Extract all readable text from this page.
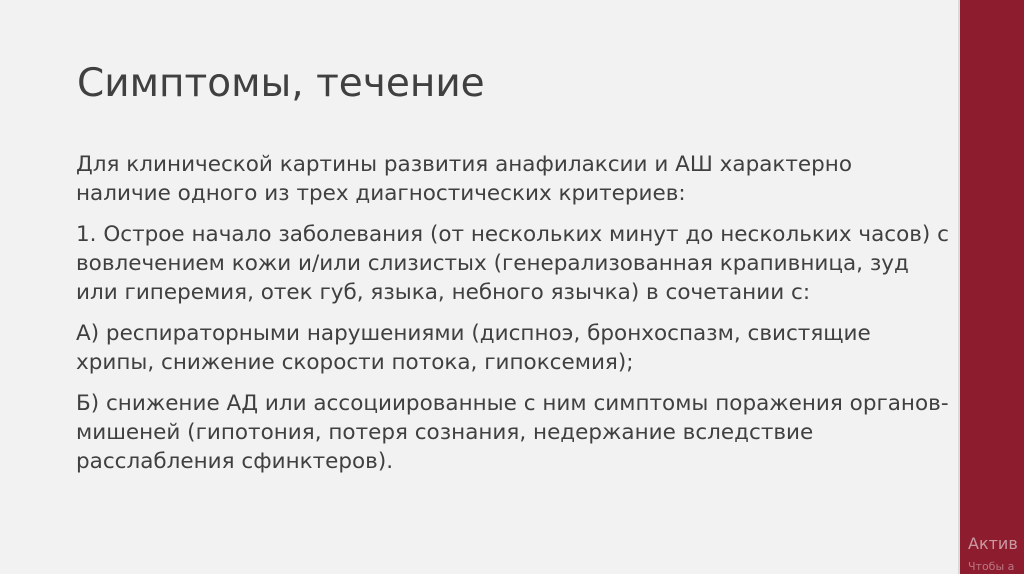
Симптомы, течение

Для клинической картины развития анафилаксии и АШ характерно наличие одного из трех диагностических критериев:

1. Острое начало заболевания (от нескольких минут до нескольких часов) с вовлечением кожи и/или слизистых (генерализованная крапивница, зуд или гиперемия, отек губ, языка, небного язычка) в сочетании с:

А) респираторными нарушениями (диспноэ, бронхоспазм, свистящие хрипы, снижение скорости потока, гипоксемия);

Б) снижение АД или ассоциированные с ним симптомы поражения органов-мишеней (гипотония, потеря сознания, недержание вследствие расслабления сфинктеров).

Актив
Чтобы а
